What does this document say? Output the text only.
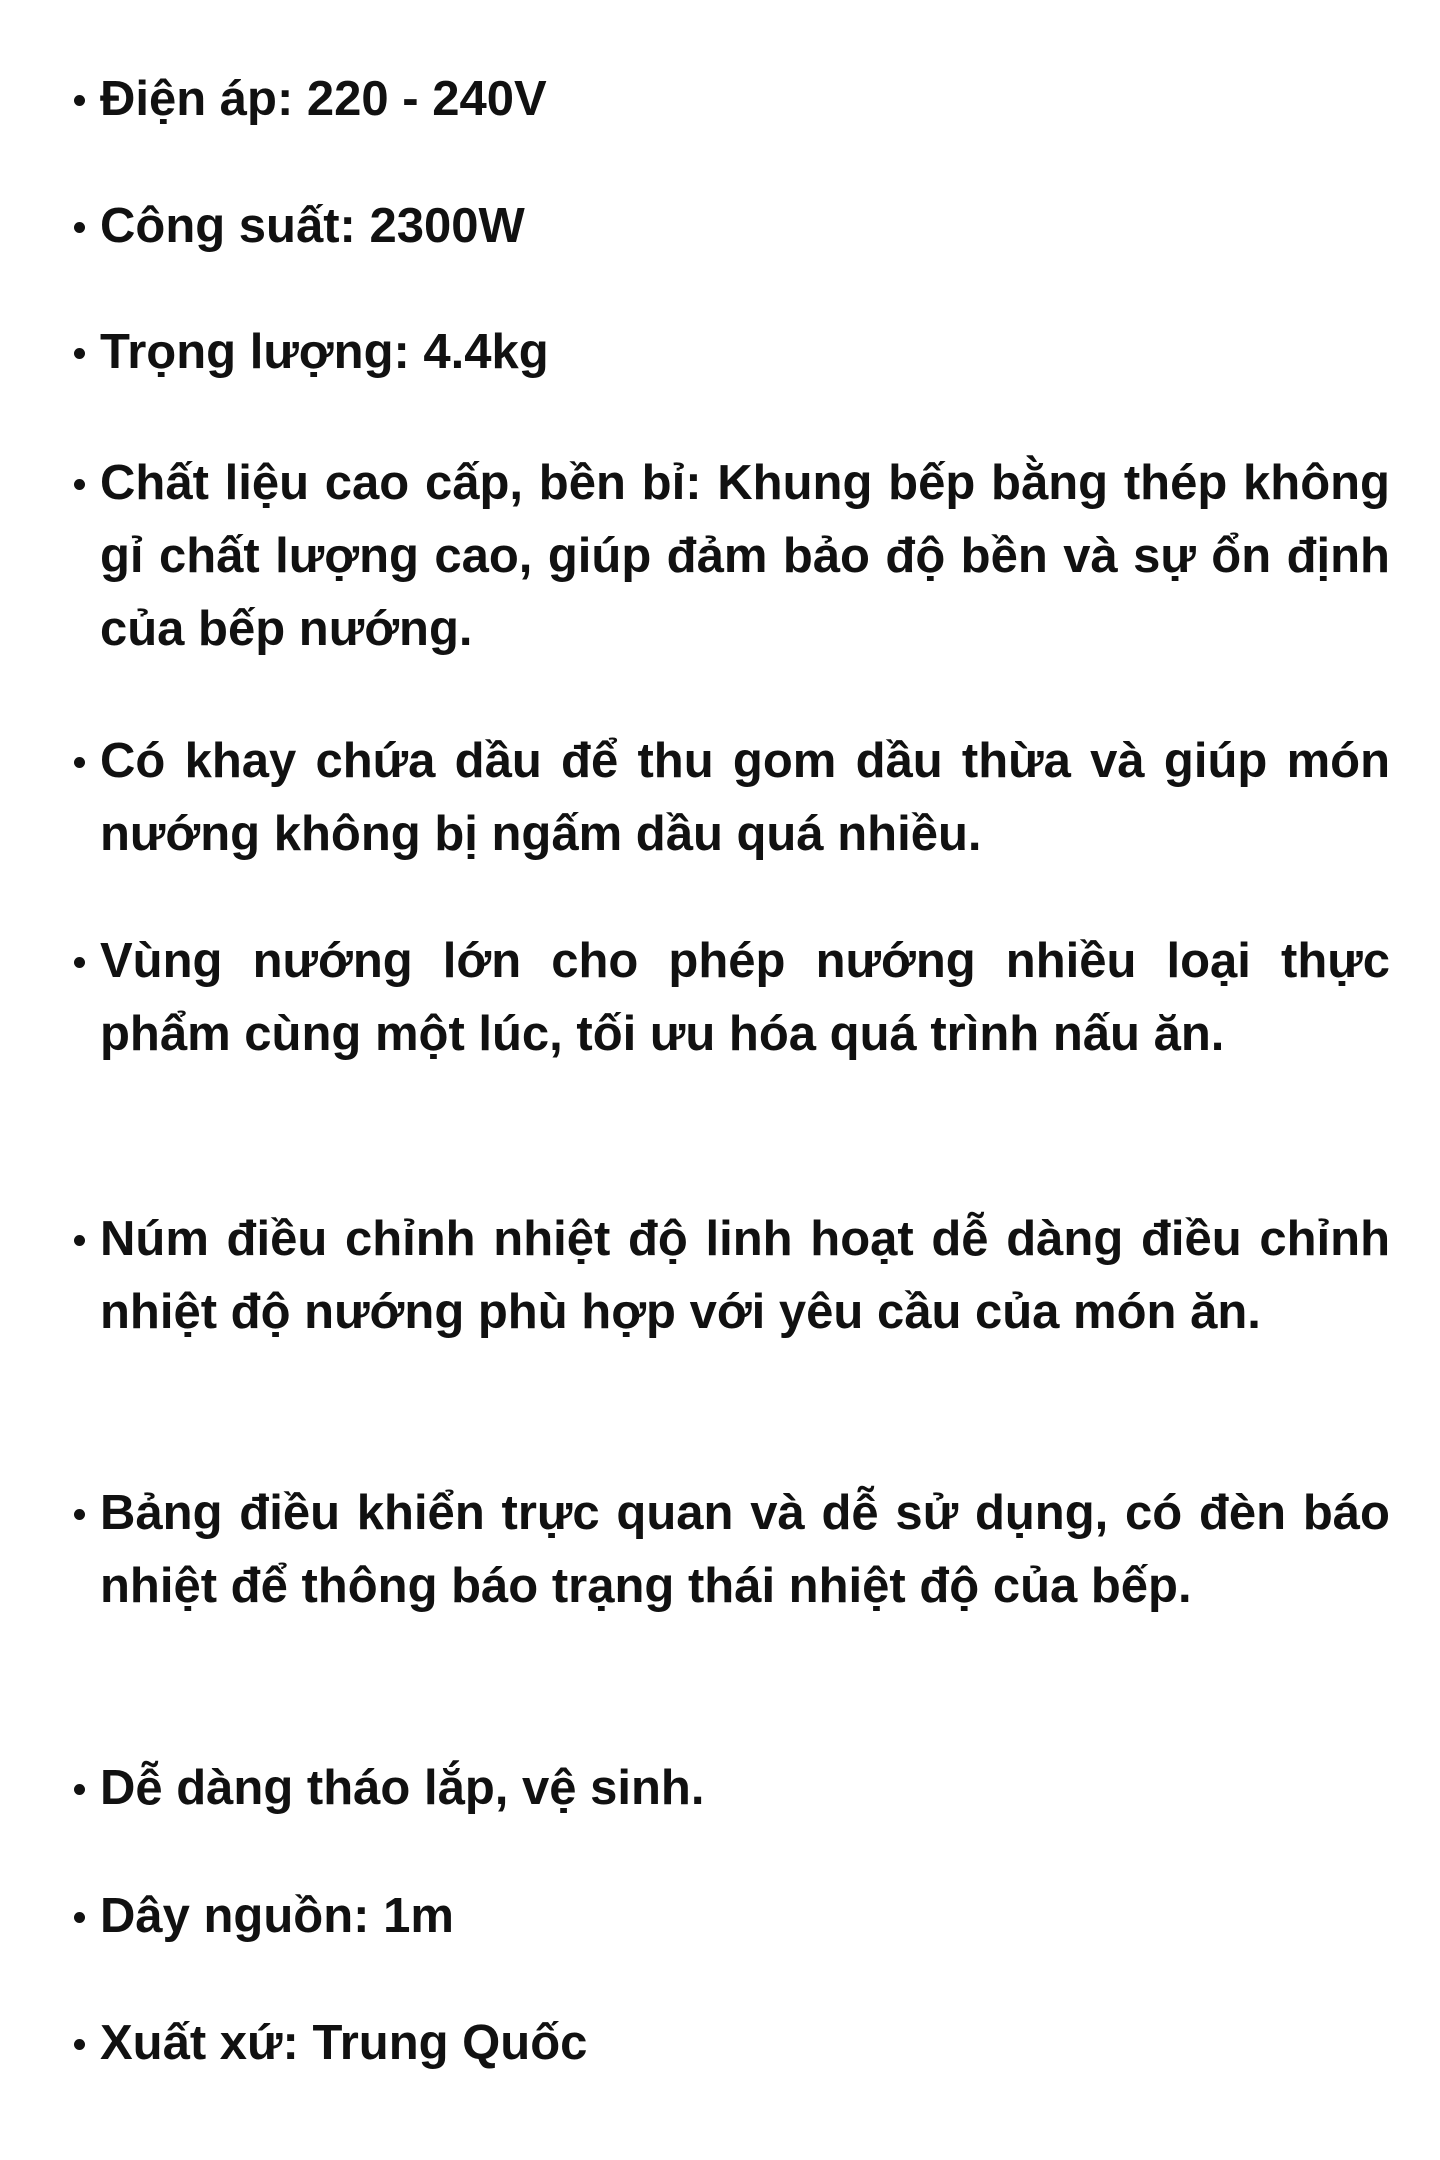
Điện áp: 220 - 240V
Công suất: 2300W
Trọng lượng: 4.4kg
Chất liệu cao cấp, bền bỉ: Khung bếp bằng thép không gỉ chất lượng cao, giúp đảm bảo độ bền và sự ổn định của bếp nướng.
Có khay chứa dầu để thu gom dầu thừa và giúp món nướng không bị ngấm dầu quá nhiều.
Vùng nướng lớn cho phép nướng nhiều loại thực phẩm cùng một lúc, tối ưu hóa quá trình nấu ăn.
Núm điều chỉnh nhiệt độ linh hoạt dễ dàng điều chỉnh nhiệt độ nướng phù hợp với yêu cầu của món ăn.
Bảng điều khiển trực quan và dễ sử dụng, có đèn báo nhiệt để thông báo trạng thái nhiệt độ của bếp.
Dễ dàng tháo lắp, vệ sinh.
Dây nguồn: 1m
Xuất xứ: Trung Quốc
